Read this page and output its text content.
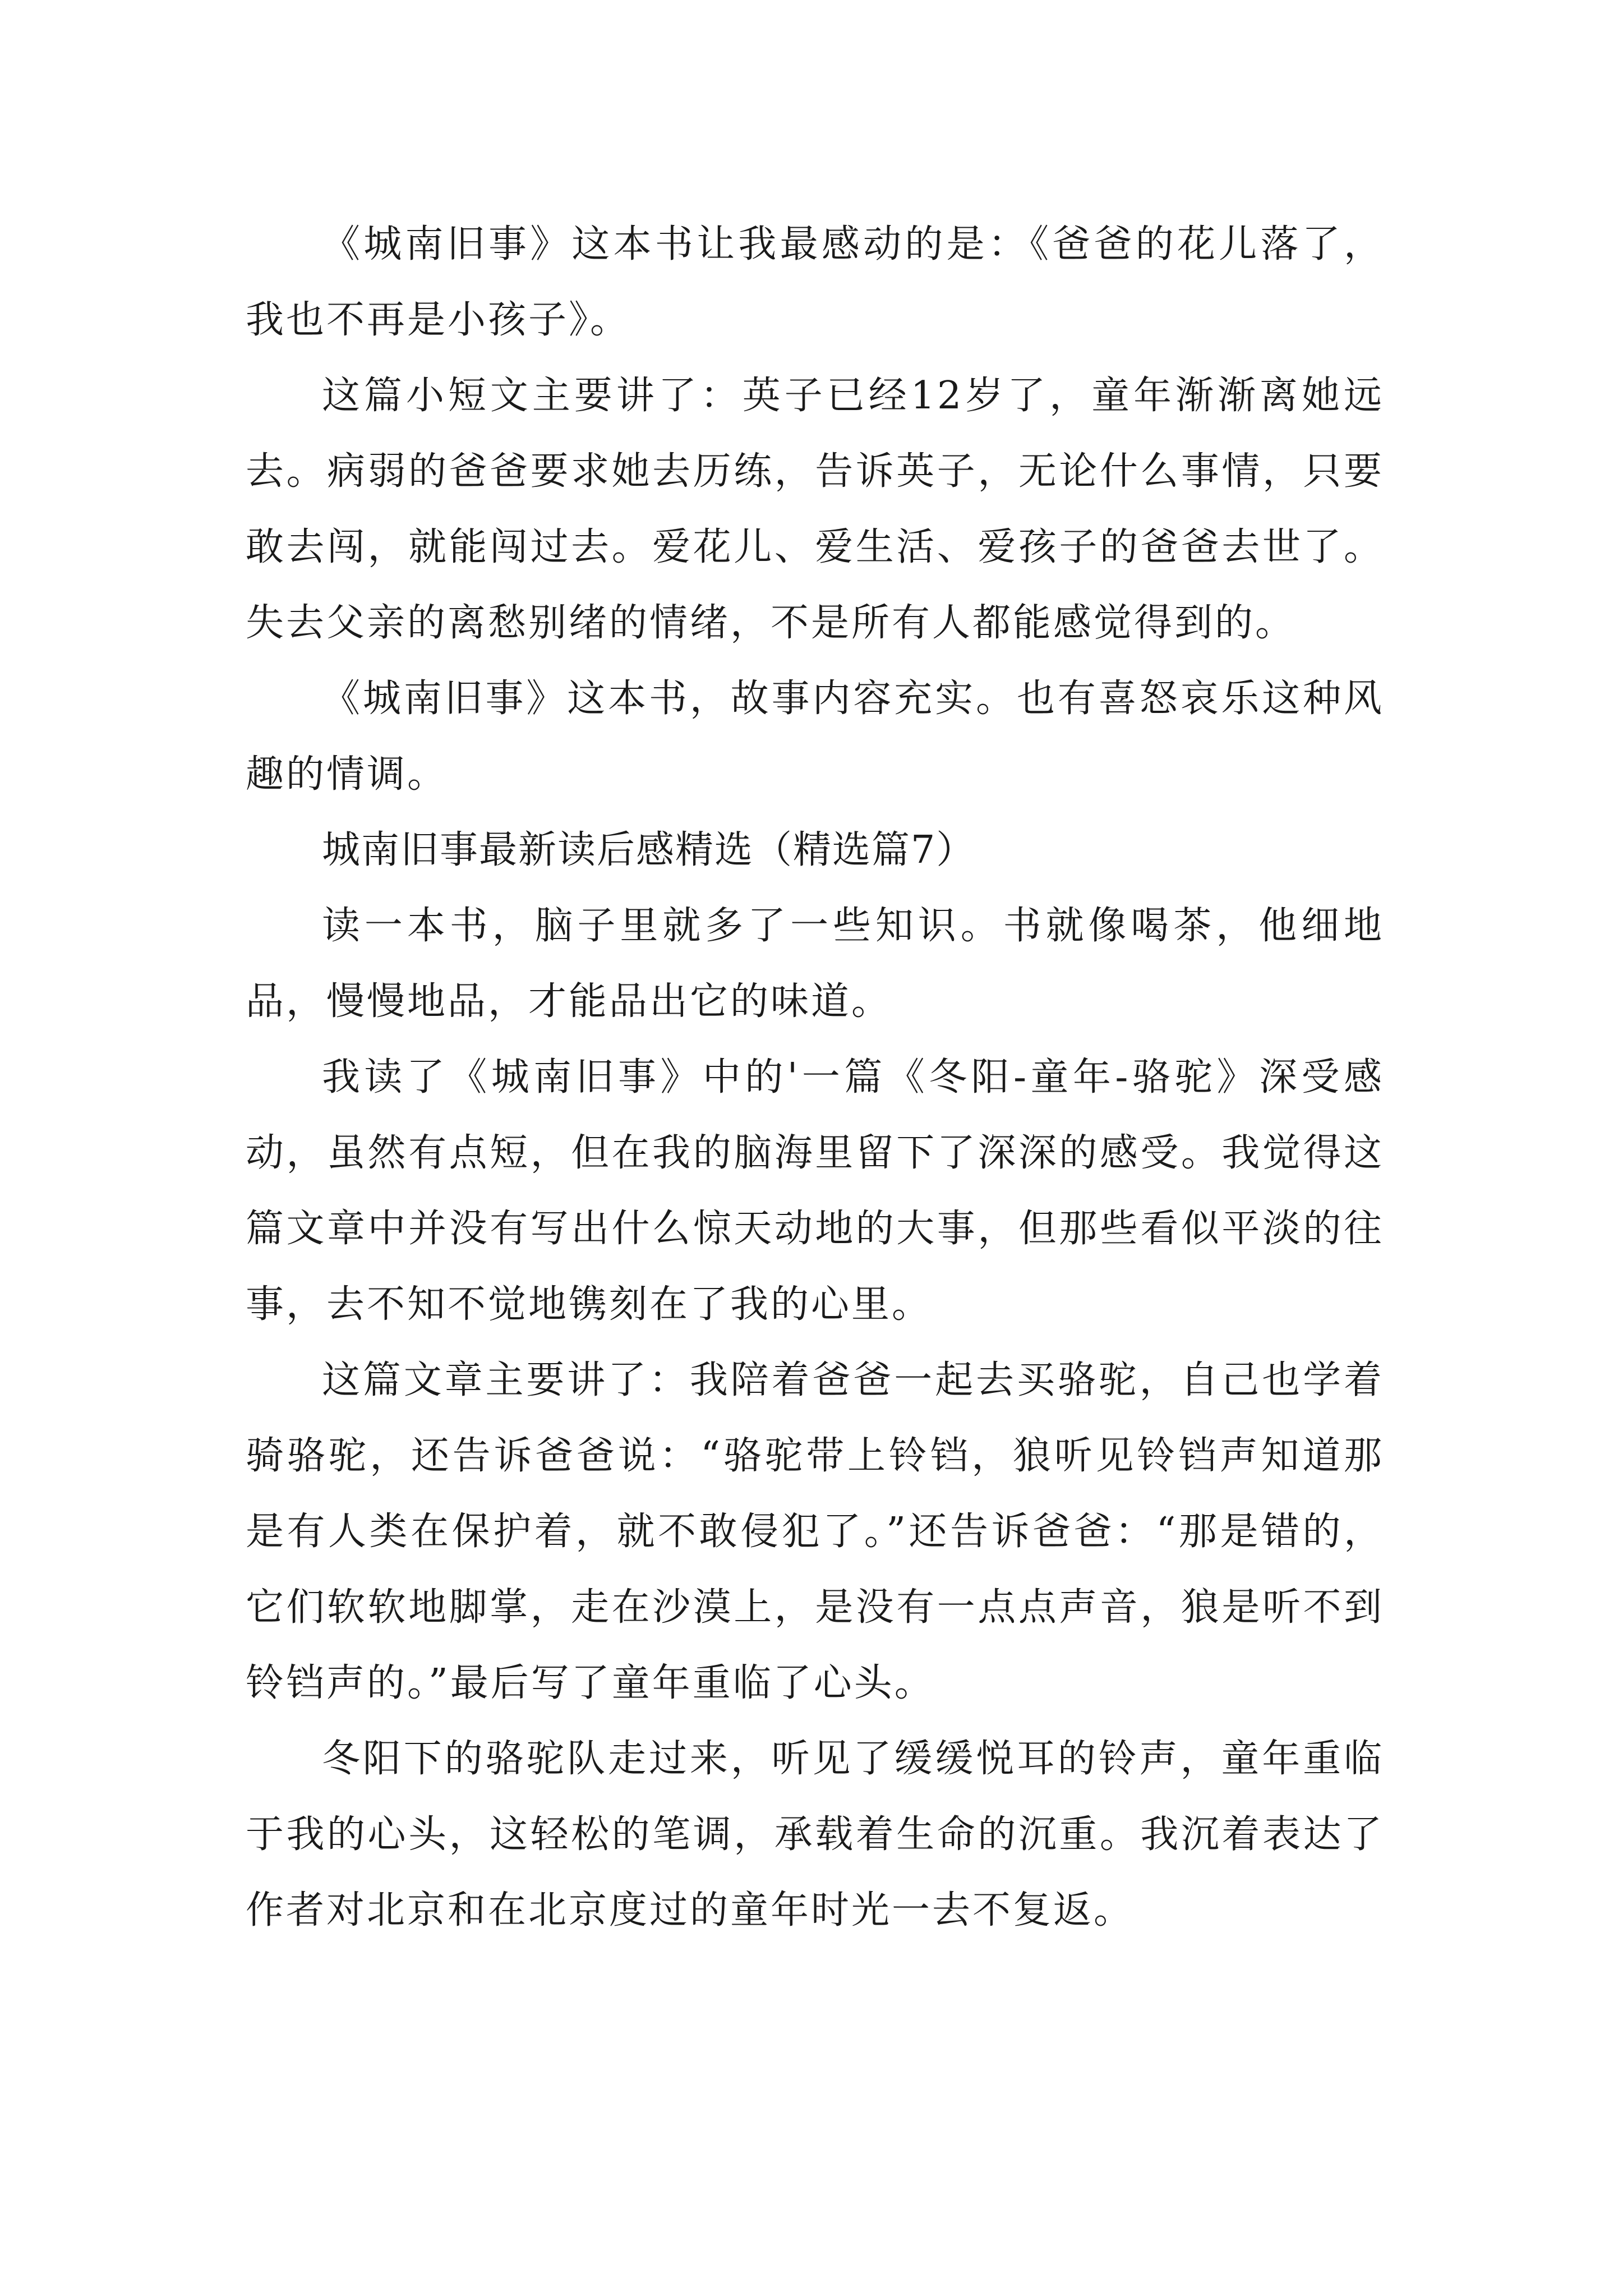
《城南旧事》这本书让我最感动的是：《爸爸的花儿落了，我也不再是小孩子》。

这篇小短文主要讲了：英子已经12岁了，童年渐渐离她远去。病弱的爸爸要求她去历练，告诉英子，无论什么事情，只要敢去闯，就能闯过去。爱花儿、爱生活、爱孩子的爸爸去世了。失去父亲的离愁别绪的情绪，不是所有人都能感觉得到的。

《城南旧事》这本书，故事内容充实。也有喜怒哀乐这种风趣的情调。

城南旧事最新读后感精选（精选篇7）

读一本书，脑子里就多了一些知识。书就像喝茶，他细地品，慢慢地品，才能品出它的味道。

我读了《城南旧事》中的'一篇《冬阳-童年-骆驼》深受感动，虽然有点短，但在我的脑海里留下了深深的感受。我觉得这篇文章中并没有写出什么惊天动地的大事，但那些看似平淡的往事，去不知不觉地镌刻在了我的心里。

这篇文章主要讲了：我陪着爸爸一起去买骆驼，自己也学着骑骆驼，还告诉爸爸说：“骆驼带上铃铛，狼听见铃铛声知道那是有人类在保护着，就不敢侵犯了。”还告诉爸爸：“那是错的，它们软软地脚掌，走在沙漠上，是没有一点点声音，狼是听不到铃铛声的。”最后写了童年重临了心头。

冬阳下的骆驼队走过来，听见了缓缓悦耳的铃声，童年重临于我的心头，这轻松的笔调，承载着生命的沉重。我沉着表达了作者对北京和在北京度过的童年时光一去不复返。
